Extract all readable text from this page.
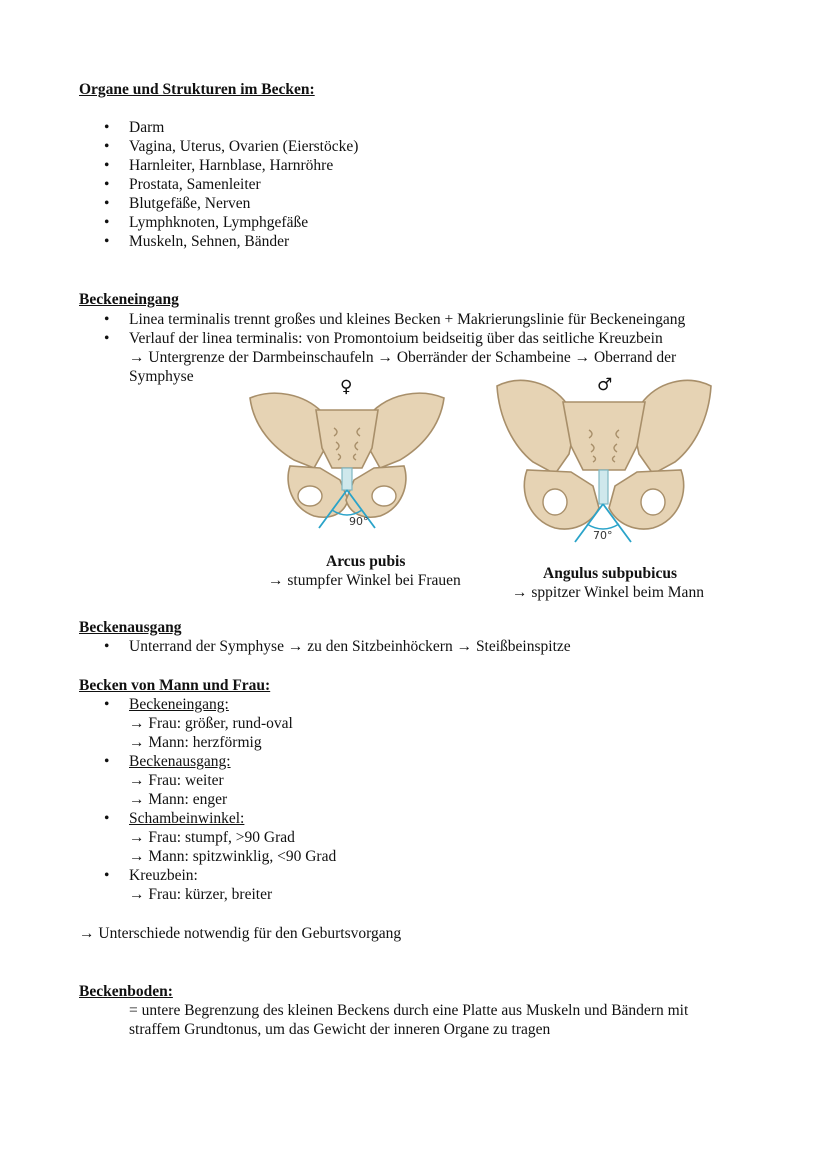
Organe und Strukturen im Becken:
• Darm
• Vagina, Uterus, Ovarien (Eierstöcke)
• Harnleiter, Harnblase, Harnröhre
• Prostata, Samenleiter
• Blutgefäße, Nerven
• Lymphknoten, Lymphgefäße
• Muskeln, Sehnen, Bänder
Beckeneingang
• Linea terminalis trennt großes und kleines Becken + Makrierungslinie für Beckeneingang
• Verlauf der linea terminalis: von Promontoium beidseitig über das seitliche Kreuzbein
→ Untergrenze der Darmbeinschaufeln → Oberränder der Schambeine → Oberrand der
Symphyse
♀
90°
♂
70°
Arcus pubis
→ stumpfer Winkel bei Frauen	Angulus subpubicus
→ sppitzer Winkel beim Mann
Beckenausgang
• Unterrand der Symphyse → zu den Sitzbeinhöckern → Steißbeinspitze
Becken von Mann und Frau:
• Beckeneingang:
→ Frau: größer, rund-oval
→ Mann: herzförmig
• Beckenausgang:
→ Frau: weiter
→ Mann: enger
• Schambeinwinkel:
→ Frau: stumpf, >90 Grad
→ Mann: spitzwinklig, <90 Grad
• Kreuzbein:
→ Frau: kürzer, breiter
→ Unterschiede notwendig für den Geburtsvorgang
Beckenboden:
= untere Begrenzung des kleinen Beckens durch eine Platte aus Muskeln und Bändern mit
straffem Grundtonus, um das Gewicht der inneren Organe zu tragen
